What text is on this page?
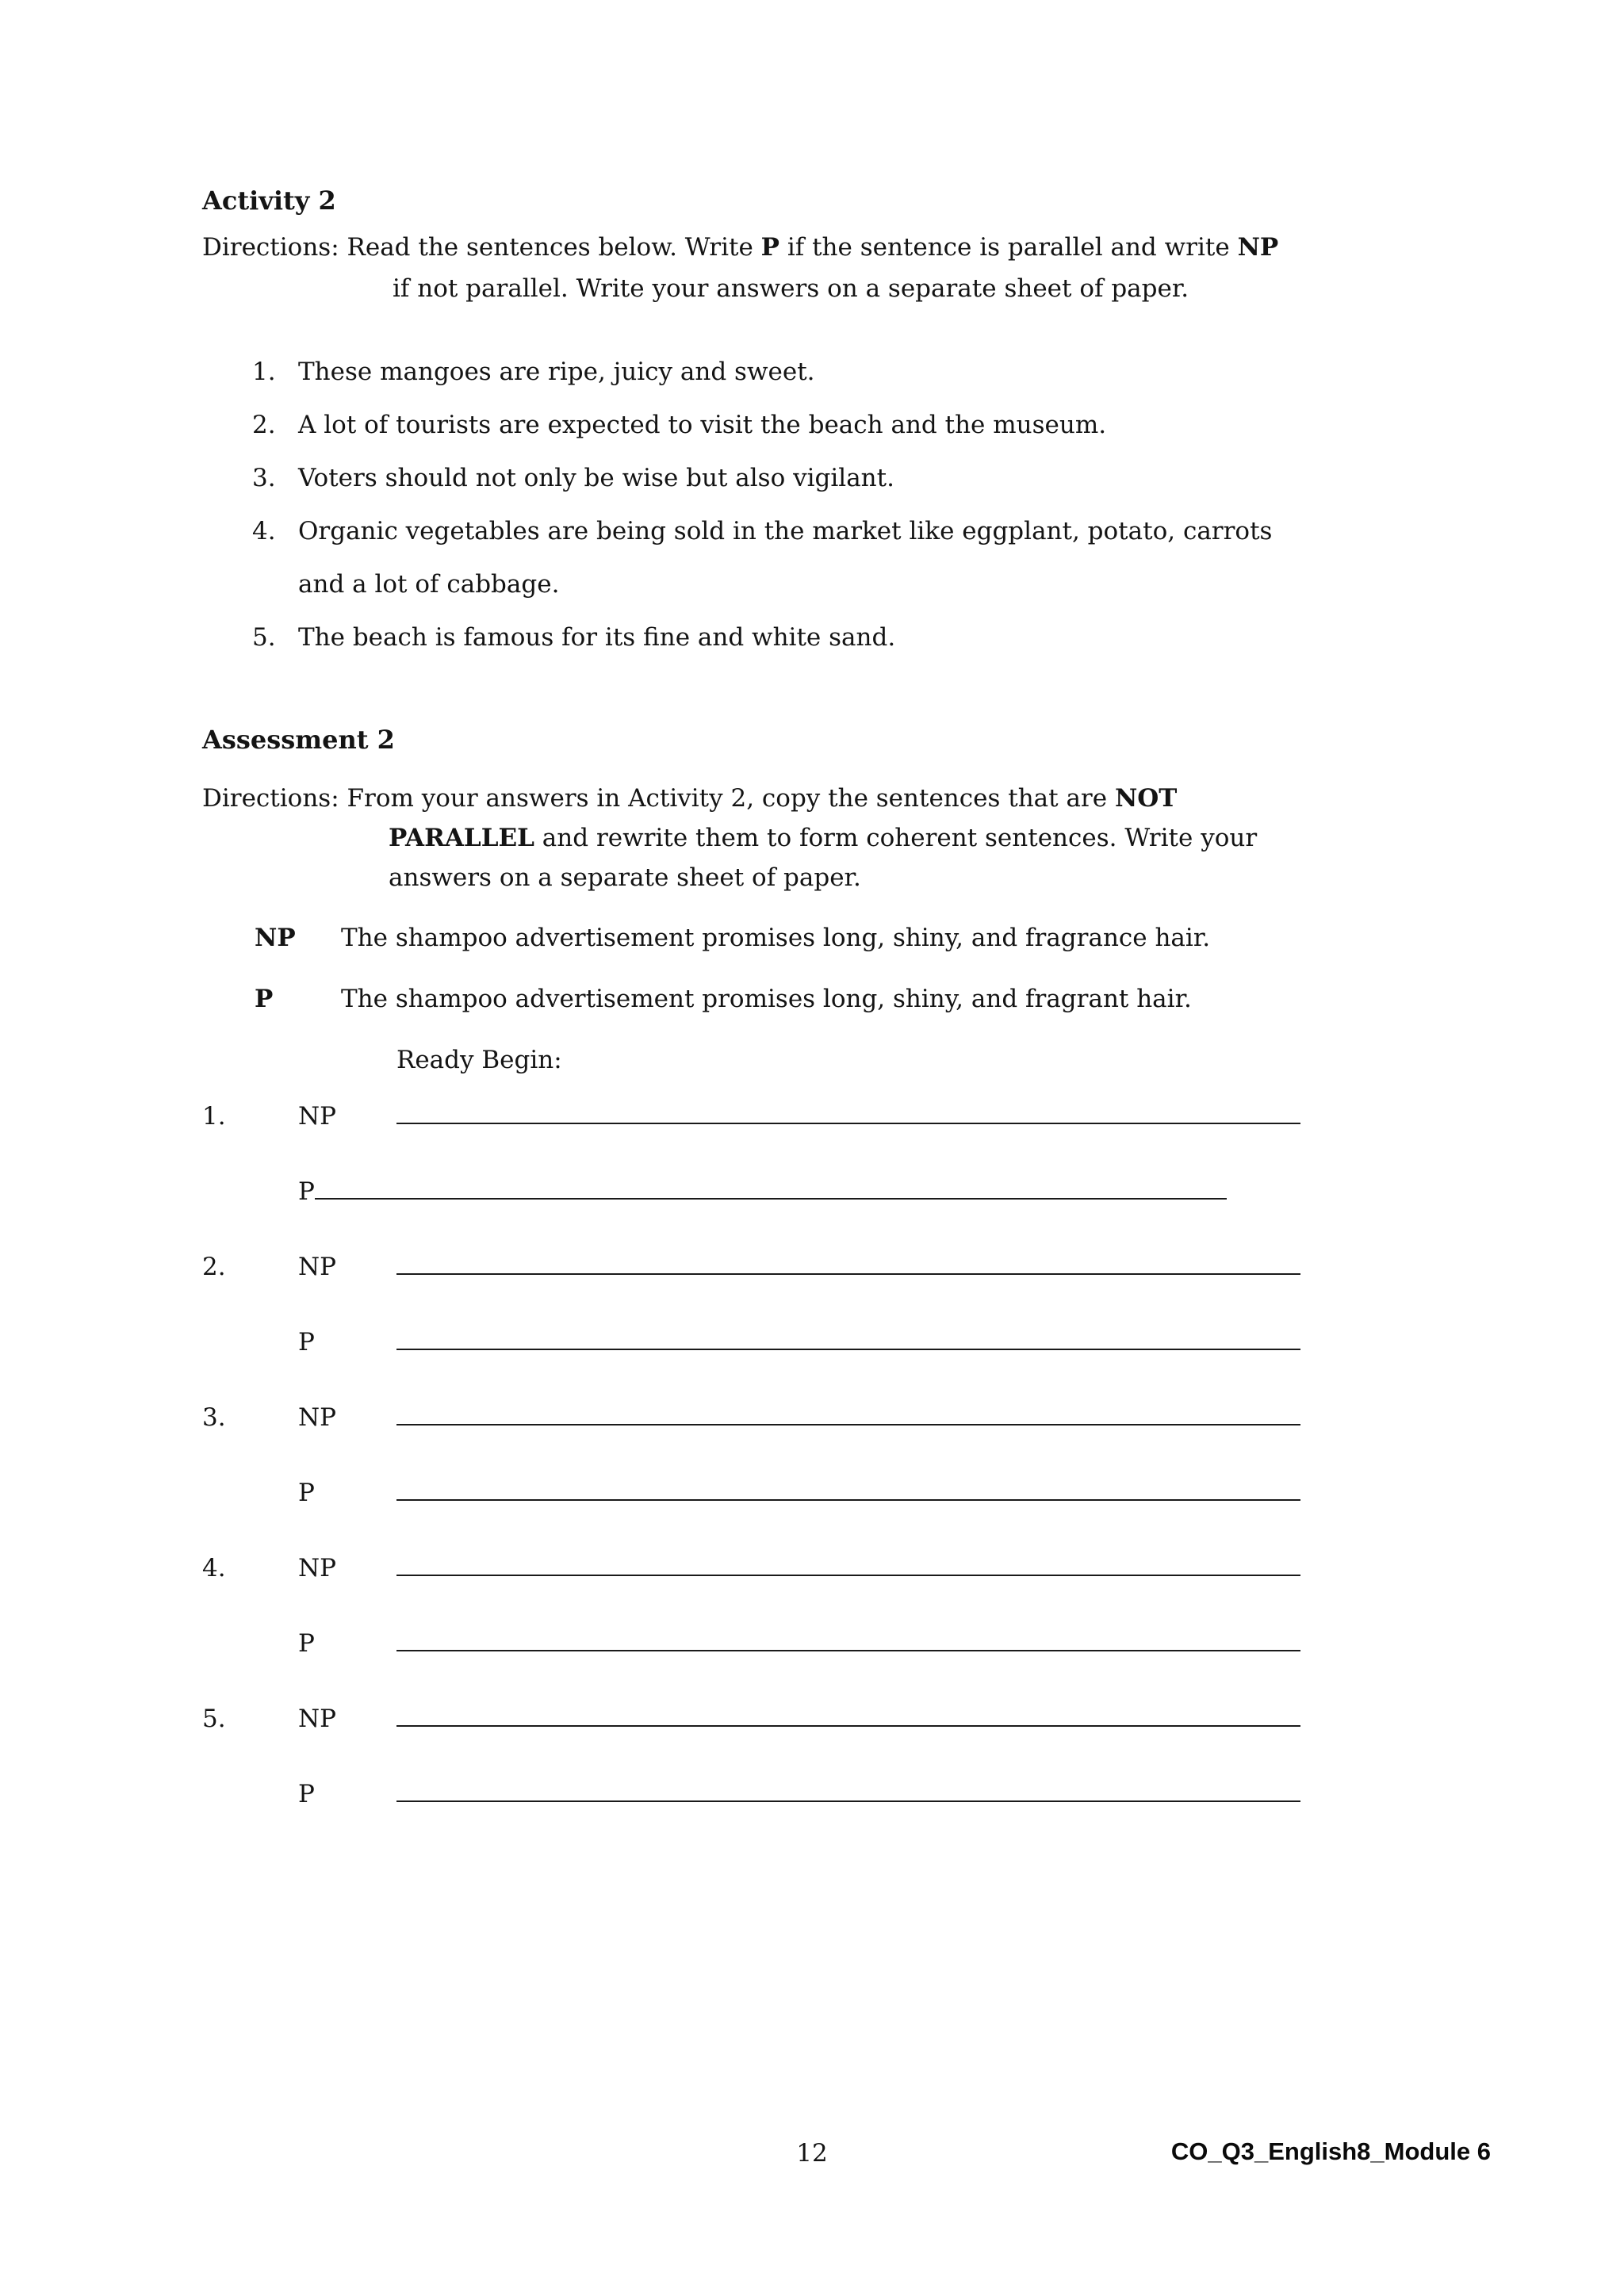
Activity 2
Directions: Read the sentences below. Write P if the sentence is parallel and write NP
if not parallel. Write your answers on a separate sheet of paper.
1. These mangoes are ripe, juicy and sweet.
2. A lot of tourists are expected to visit the beach and the museum.
3. Voters should not only be wise but also vigilant.
4. Organic vegetables are being sold in the market like eggplant, potato, carrots
and a lot of cabbage.
5. The beach is famous for its fine and white sand.
Assessment 2
Directions: From your answers in Activity 2, copy the sentences that are NOT
PARALLEL and rewrite them to form coherent sentences. Write your
answers on a separate sheet of paper.
NP The shampoo advertisement promises long, shiny, and fragrance hair.
P	The shampoo advertisement promises long, shiny, and fragrant hair.
Ready Begin:
1.	NP
P
2.	NP
P
3.	NP
P
4.	NP
P
5.	NP
P
12	CO_Q3_English8_Module 6
